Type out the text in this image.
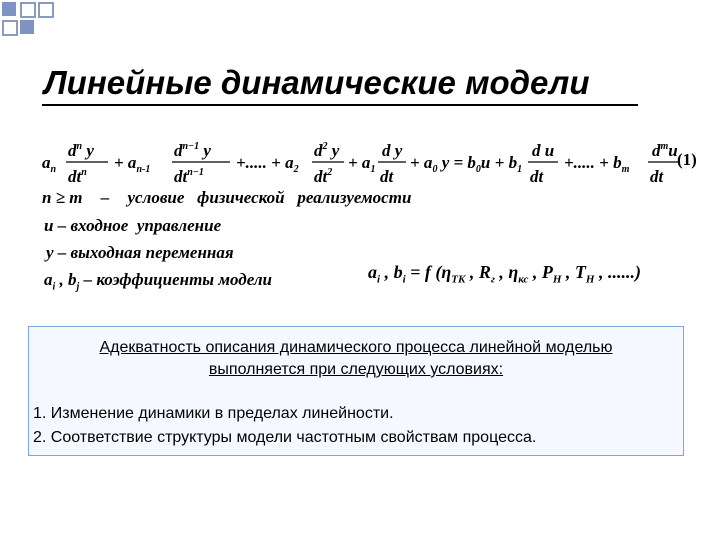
Линейные динамические модели
$a_n$
$d^n$ y
$dt^n$
+ $a_{n-1}$
$d^{n-1}$ y
$dt^{n-1}$
+..... + $a_2$
$d^2$ y
$dt^2$
+ $a_1$
d y
dt
+ $a_0$ $y = b_0u + b_1$
d u
dt
+..... + $b_m$
$d^mu$
dt
(1)
n ≥ m – условие   физической   реализуемости
u – входное  управление
y – выходная переменная
$a_i$ , $b_j$ – коэффициенты модели	$a_i$ , $b_i = f$ ($\eta_{TK}$ , $R_г$ , $\eta_{кс}$ , $P_H$ , $T_H$ , ......)
Адекватность описания динамического процесса линейной моделью
выполняется при следующих условиях:
1. Изменение динамики в пределах линейности.
2. Соответствие структуры модели частотным свойствам процесса.
